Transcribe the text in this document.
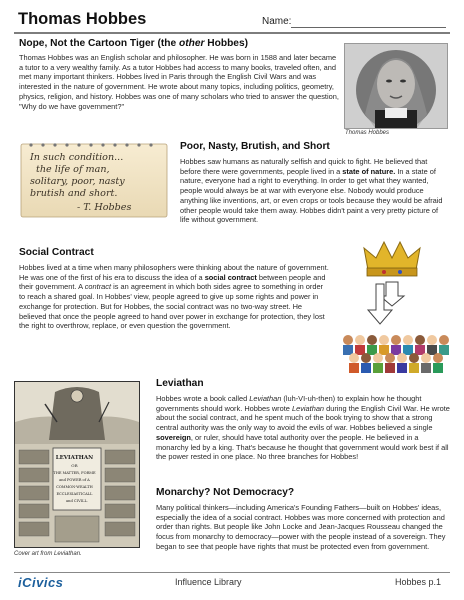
Thomas Hobbes	Name:
Nope, Not the Cartoon Tiger (the other Hobbes)

Thomas Hobbes was an English scholar and philosopher. He was born in 1588 and later became a tutor to a very wealthy family. As a tutor Hobbes had access to many books, traveled often, and met many important thinkers. Hobbes lived in Paris through the English Civil Wars and was interested in the nature of government. He wrote about many topics, including politics, geometry, physics, religion, and history. Hobbes was one of many scholars who tried to answer the question, "Why do we have government?"

Thomas Hobbes
In such condition... the life of man, solitary, poor, nasty brutish and short. - T. Hobbes
Poor, Nasty, Brutish, and Short

Hobbes saw humans as naturally selfish and quick to fight. He believed that before there were governments, people lived in a state of nature. In a state of nature, everyone had a right to everything. In order to get what they wanted, people would always be at war with everyone else. Nobody would produce anything like inventions, art, or even crops or tools because they would be afraid other people would take them away. Hobbes didn't paint a very pretty picture of life without government.

Social Contract

Hobbes lived at a time when many philosophers were thinking about the nature of government. He was one of the first of his era to discuss the idea of a social contract between people and their government. A contract is an agreement in which both sides agree to something in order to reach a shared goal. In Hobbes' view, people agreed to give up some rights and power in exchange for protection. But for Hobbes, the social contract was no two-way street. He believed that once the people agreed to hand over power in exchange for protection, they lost the right to overthrow, replace, or even question the government.

LEVIATHAN OR THE MATTER, FORME and POWER of A COMMON-WEALTH ECCLESIASTICALL and CIVILL.
Cover art from Leviathan.
Leviathan

Hobbes wrote a book called Leviathan (luh-VI-uh-then) to explain how he thought governments should work. Hobbes wrote Leviathan during the English Civil War. He wrote about the social contract, and he spent much of the book trying to show that a strong central authority was the only way to avoid the evils of war. Hobbes believed a single sovereign, or ruler, should have total authority over the people. He believed in a monarchy led by a king. That's because he thought that government would work best if all the power rested in one place. No three branches for Hobbes!

Monarchy? Not Democracy?

Many political thinkers—including America's Founding Fathers—built on Hobbes' ideas, especially the idea of a social contract. Hobbes was more concerned with protection and order than rights. But people like John Locke and Jean-Jacques Rousseau changed the focus from monarchy to democracy—power with the people instead of a sovereign. They began to see that people have rights that must be protected even from government.

iCivics	Influence Library	Hobbes p.1
